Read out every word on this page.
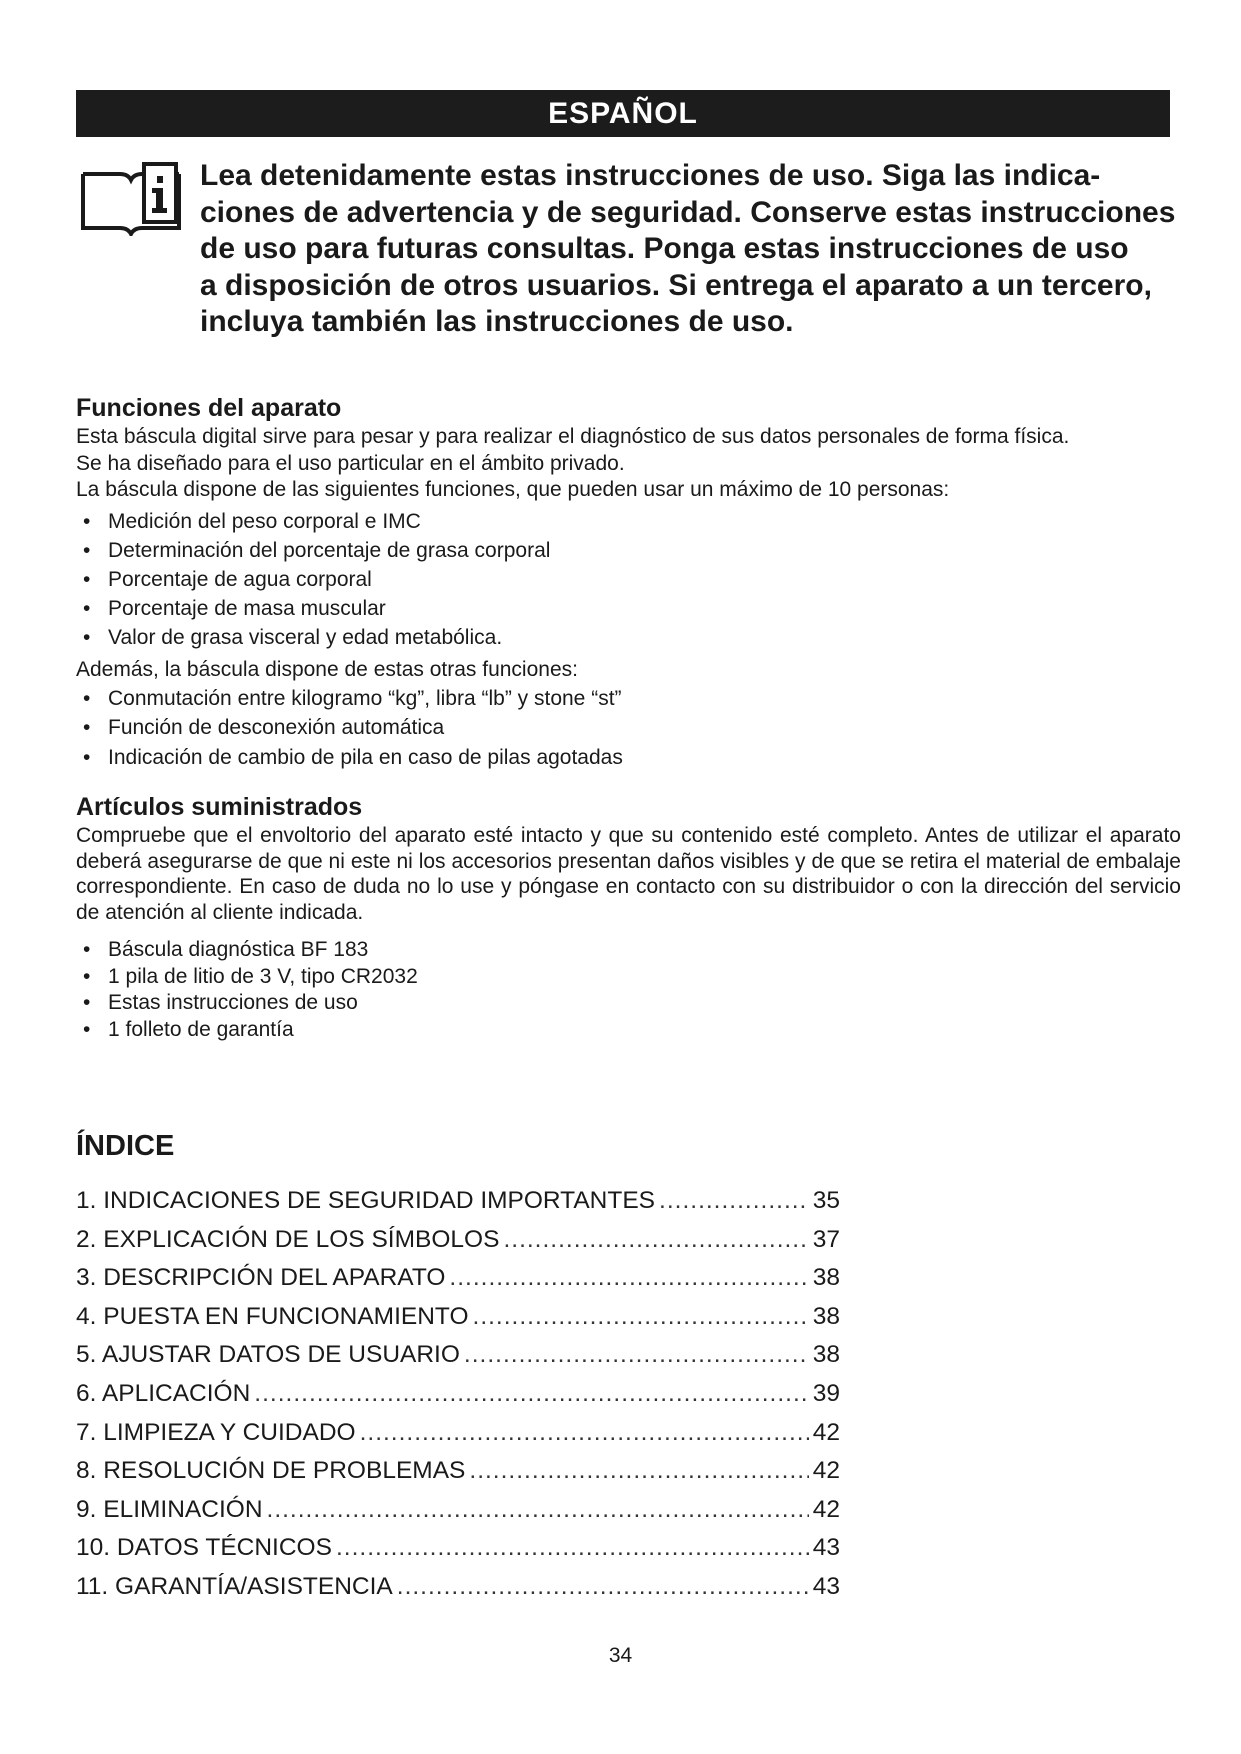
ESPAÑOL
Lea detenidamente estas instrucciones de uso. Siga las indica-
ciones de advertencia y de seguridad. Conserve estas instrucciones
de uso para futuras consultas. Ponga estas instrucciones de uso
a disposición de otros usuarios. Si entrega el aparato a un tercero,
incluya también las instrucciones de uso.
Funciones del aparato
Esta báscula digital sirve para pesar y para realizar el diagnóstico de sus datos personales de forma física.
Se ha diseñado para el uso particular en el ámbito privado.
La báscula dispone de las siguientes funciones, que pueden usar un máximo de 10 personas:
• Medición del peso corporal e IMC
• Determinación del porcentaje de grasa corporal
• Porcentaje de agua corporal
• Porcentaje de masa muscular
• Valor de grasa visceral y edad metabólica.
Además, la báscula dispone de estas otras funciones:
• Conmutación entre kilogramo “kg”, libra “lb” y stone “st”
• Función de desconexión automática
• Indicación de cambio de pila en caso de pilas agotadas
Artículos suministrados
Compruebe que el envoltorio del aparato esté intacto y que su contenido esté completo. Antes de utilizar el aparato deberá asegurarse de que ni este ni los accesorios presentan daños visibles y de que se retira el material de embalaje correspondiente. En caso de duda no lo use y póngase en contacto con su distribuidor o con la dirección del servicio de atención al cliente indicada.
• Báscula diagnóstica BF 183
• 1 pila de litio de 3 V, tipo CR2032
• Estas instrucciones de uso
• 1 folleto de garantía
ÍNDICE
1. INDICACIONES DE SEGURIDAD IMPORTANTES .....	35
2. EXPLICACIÓN DE LOS SÍMBOLOS .....	37
3. DESCRIPCIÓN DEL APARATO .....	38
4. PUESTA EN FUNCIONAMIENTO .....	38
5. AJUSTAR DATOS DE USUARIO .....	38
6. APLICACIÓN .....	39
7. LIMPIEZA Y CUIDADO .....	42
8. RESOLUCIÓN DE PROBLEMAS .....	42
9. ELIMINACIÓN .....	42
10. DATOS TÉCNICOS .....	43
11. GARANTÍA/ASISTENCIA .....	43
34
